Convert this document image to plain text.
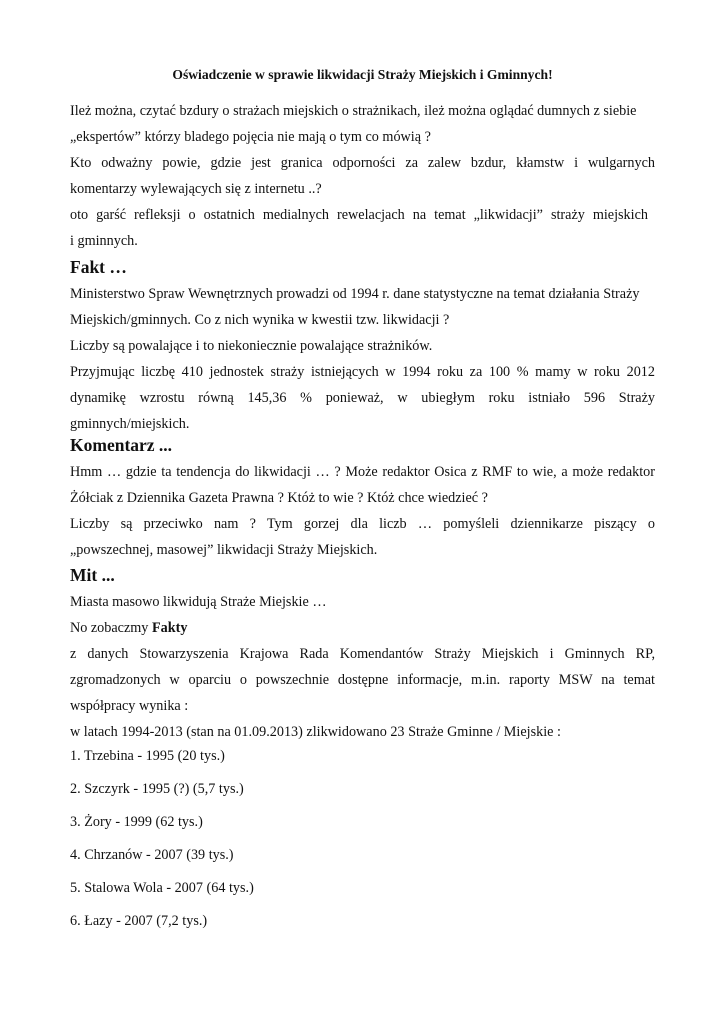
Oświadczenie w sprawie likwidacji Straży Miejskich i Gminnych!
Ileż można, czytać bzdury o strażach miejskich o strażnikach, ileż można oglądać dumnych z siebie
„ekspertów” którzy bladego pojęcia nie mają o tym co mówią ?
Kto odważny powie, gdzie jest granica odporności za zalew bzdur, kłamstw i wulgarnych
komentarzy wylewających się z internetu ..?
oto garść refleksji o ostatnich medialnych rewelacjach na temat „likwidacji” straży miejskich
i gminnych.
Fakt …
Ministerstwo Spraw Wewnętrznych prowadzi od 1994 r. dane statystyczne na temat działania Straży
Miejskich/gminnych. Co z nich wynika w kwestii tzw. likwidacji ?
Liczby są powalające i to niekoniecznie powalające strażników.
Przyjmując liczbę 410 jednostek straży istniejących w 1994 roku za 100 % mamy w roku 2012
dynamikę wzrostu równą 145,36 % ponieważ, w ubiegłym roku istniało 596 Straży
gminnych/miejskich.
Komentarz ...
Hmm … gdzie ta tendencja do likwidacji … ? Może redaktor Osica z RMF to wie, a może redaktor
Żółciak z Dziennika Gazeta Prawna ? Któż to wie ? Któż chce wiedzieć ?
Liczby są przeciwko nam ? Tym gorzej dla liczb … pomyśleli dziennikarze piszący o
„powszechnej, masowej” likwidacji Straży Miejskich.
Mit ...
Miasta masowo likwidują Straże Miejskie …
No zobaczmy Fakty
z danych Stowarzyszenia Krajowa Rada Komendantów Straży Miejskich i Gminnych RP,
zgromadzonych w oparciu o powszechnie dostępne informacje, m.in. raporty MSW na temat
współpracy wynika :
w latach 1994-2013 (stan na 01.09.2013) zlikwidowano 23 Straże Gminne / Miejskie :
1. Trzebina - 1995 (20 tys.)
2. Szczyrk - 1995 (?) (5,7 tys.)
3. Żory - 1999 (62 tys.)
4. Chrzanów - 2007 (39 tys.)
5. Stalowa Wola - 2007 (64 tys.)
6. Łazy - 2007 (7,2 tys.)
